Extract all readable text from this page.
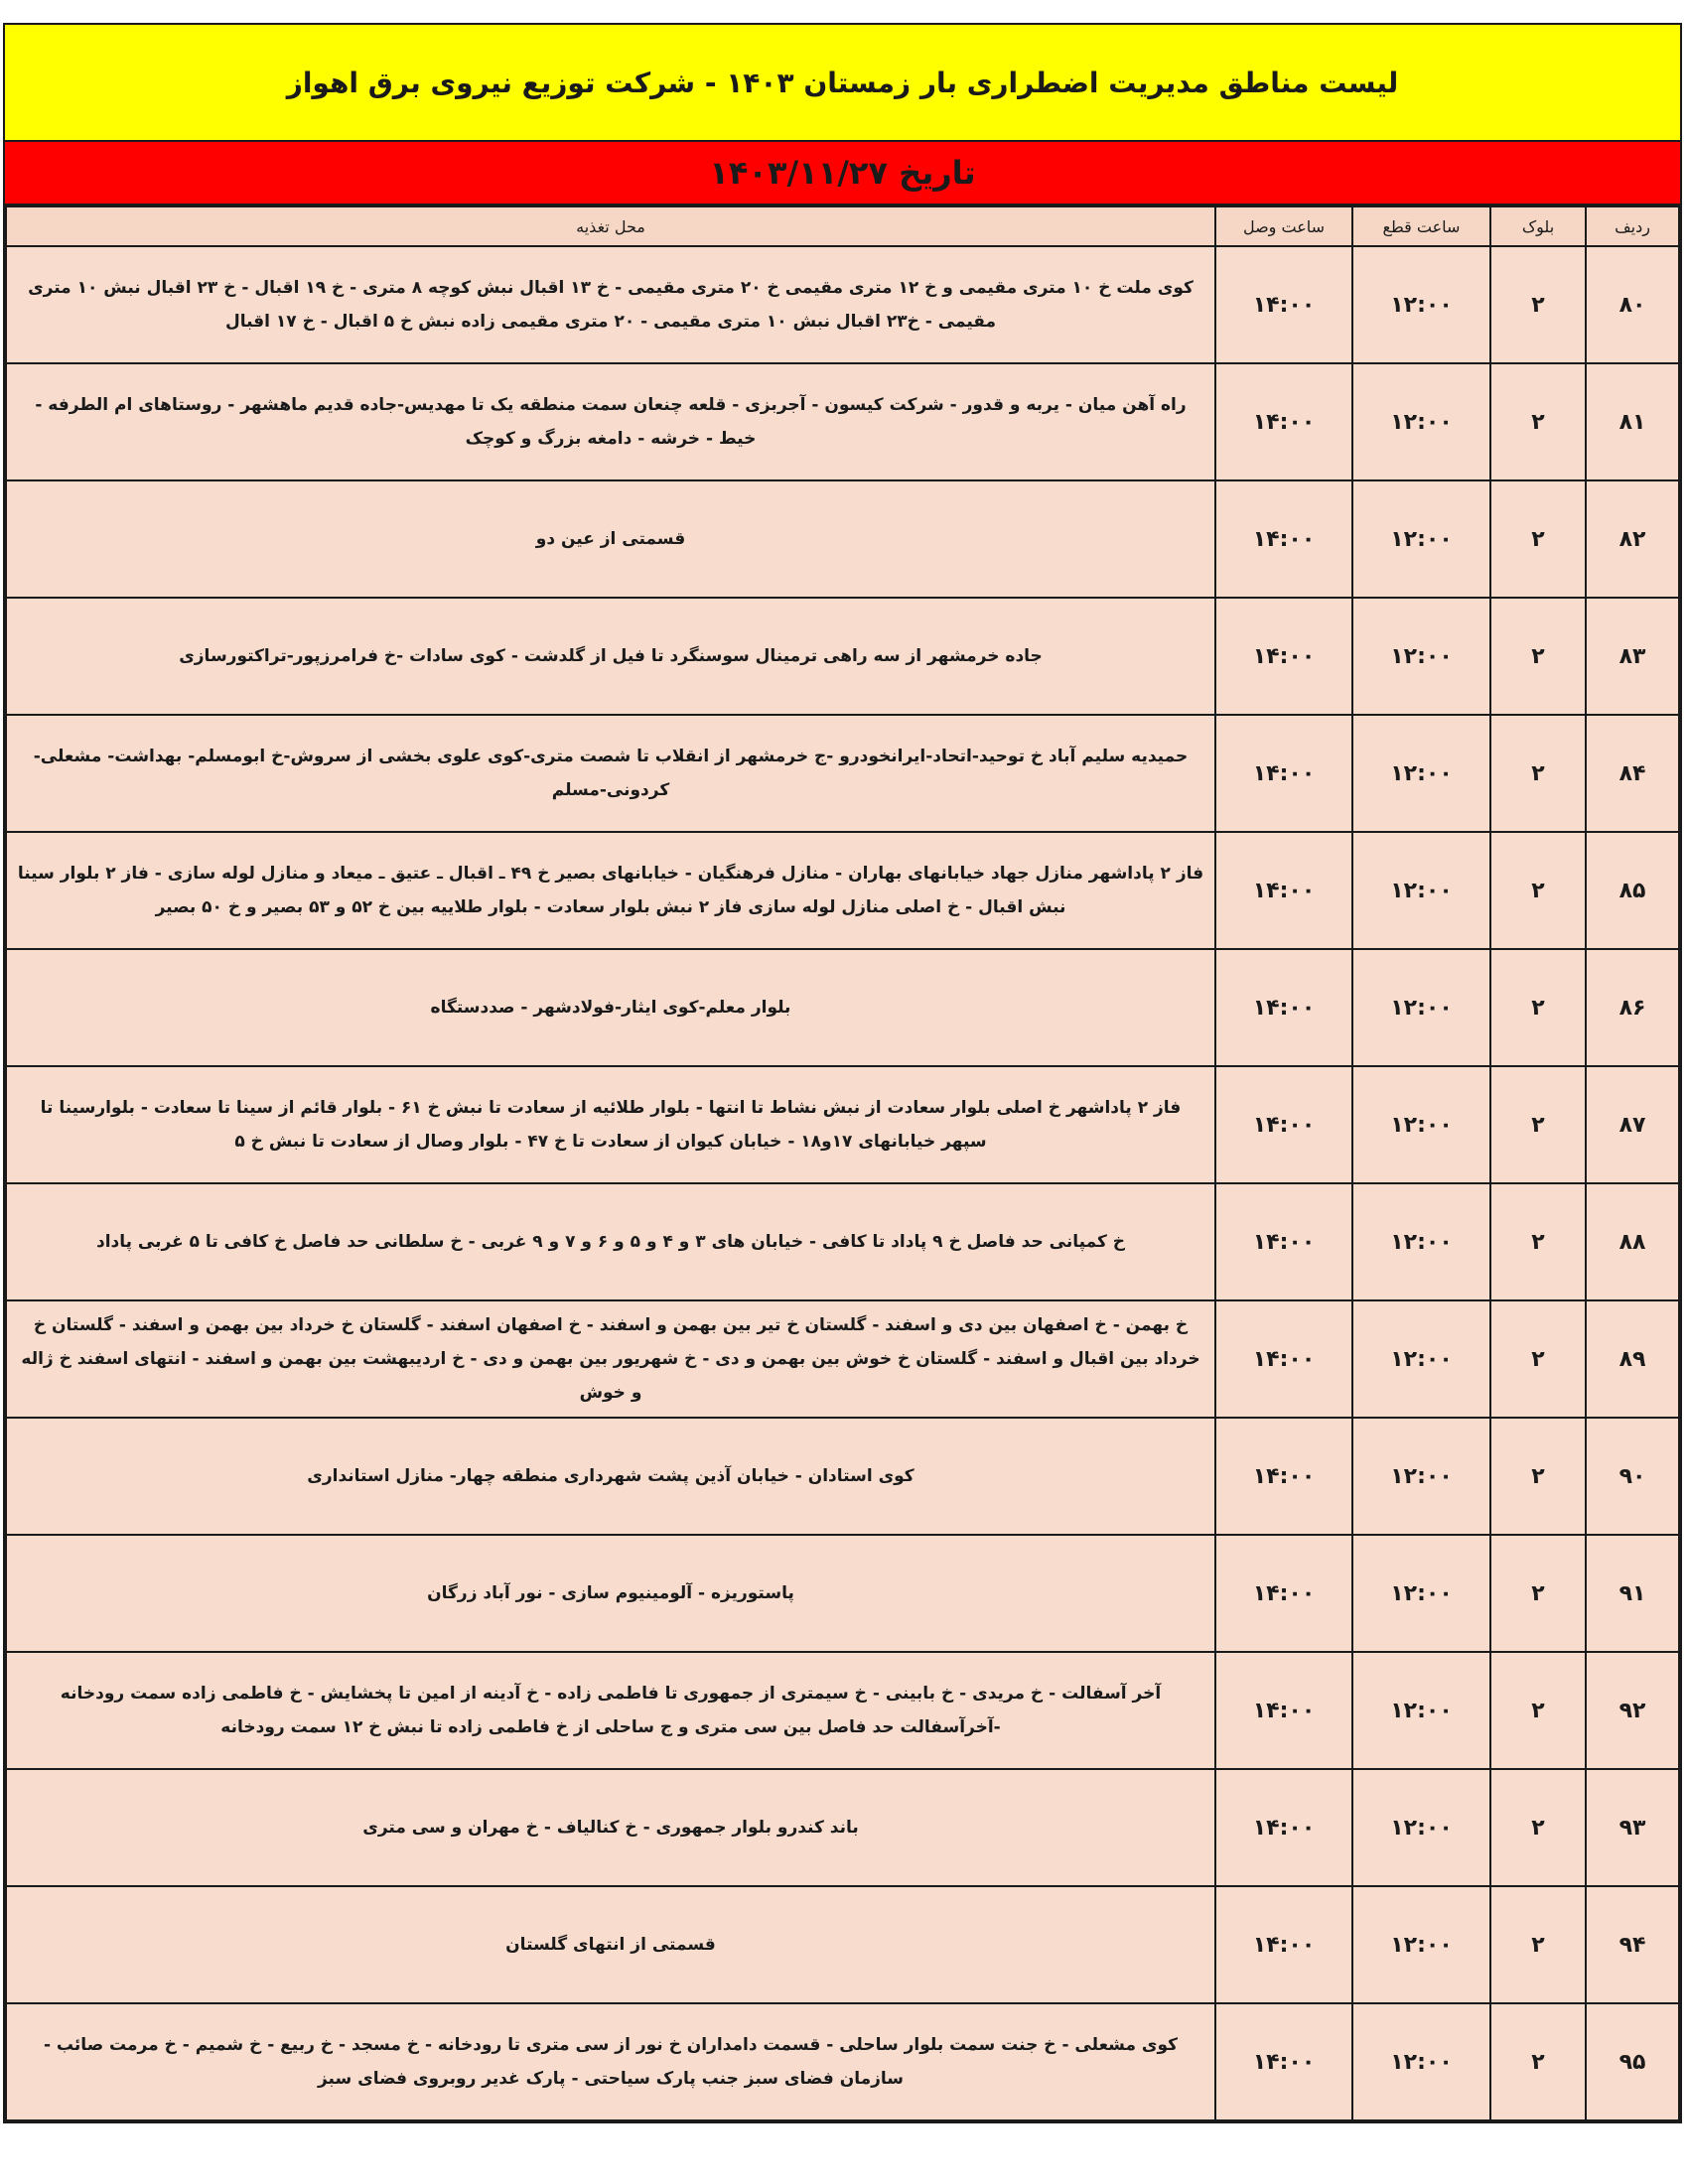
لیست مناطق مدیریت اضطراری بار زمستان ۱۴۰۳ - شرکت توزیع نیروی برق اهواز
تاریخ ۱۴۰۳/۱۱/۲۷
ردیف	بلوک	ساعت قطع	ساعت وصل	محل تغذیه
۸۰	۲	۱۲:۰۰	۱۴:۰۰	کوی ملت خ ۱۰ متری مقیمی و خ ۱۲ متری مقیمی خ ۲۰ متری مقیمی - خ ۱۳ اقبال نبش کوچه ۸ متری - خ ۱۹ اقبال - خ ۲۳ اقبال نبش ۱۰ متری مقیمی - خ۲۳ اقبال نبش ۱۰ متری مقیمی - ۲۰ متری مقیمی زاده نبش خ ۵ اقبال - خ ۱۷ اقبال
۸۱	۲	۱۲:۰۰	۱۴:۰۰	راه آهن میان - یربه و قدور - شرکت کیسون - آجربزی - قلعه چنعان سمت منطقه یک تا مهدیس-جاده قدیم ماهشهر - روستاهای ام الطرفه - خیط - خرشه - دامغه بزرگ و کوچک
۸۲	۲	۱۲:۰۰	۱۴:۰۰	قسمتی از عین دو
۸۳	۲	۱۲:۰۰	۱۴:۰۰	جاده خرمشهر از سه راهی ترمینال سوسنگرد تا فیل از گلدشت - کوی سادات -خ فرامرزپور-تراکتورسازی
۸۴	۲	۱۲:۰۰	۱۴:۰۰	حمیدیه سلیم آباد خ توحید-اتحاد-ایرانخودرو -ج خرمشهر از انقلاب تا شصت متری-کوی علوی بخشی از سروش-خ ابومسلم- بهداشت- مشعلی- کردونی-مسلم
۸۵	۲	۱۲:۰۰	۱۴:۰۰	فاز ۲ پاداشهر منازل جهاد خیابانهای بهاران - منازل فرهنگیان - خیابانهای بصیر خ ۴۹ ـ اقبال ـ عتیق ـ میعاد و منازل لوله سازی - فاز ۲ بلوار سینا نبش اقبال - خ اصلی منازل لوله سازی فاز ۲ نبش بلوار سعادت - بلوار طلاییه بین خ ۵۲ و ۵۳ بصیر و خ ۵۰ بصیر
۸۶	۲	۱۲:۰۰	۱۴:۰۰	بلوار معلم-کوی ایثار-فولادشهر - صددستگاه
۸۷	۲	۱۲:۰۰	۱۴:۰۰	فاز ۲ پاداشهر خ اصلی بلوار سعادت از نبش نشاط تا انتها - بلوار طلائیه از سعادت تا نبش خ ۶۱ - بلوار قائم از سینا تا سعادت - بلوارسینا تا سپهر خیابانهای ۱۷و۱۸ - خیابان کیوان از سعادت تا خ ۴۷ - بلوار وصال از سعادت تا نبش خ ۵
۸۸	۲	۱۲:۰۰	۱۴:۰۰	خ کمپانی حد فاصل خ ۹ پاداد تا کافی - خیابان های ۳ و ۴ و ۵ و ۶ و ۷ و ۹ غربی - خ سلطانی حد فاصل خ کافی تا ۵ غربی پاداد
۸۹	۲	۱۲:۰۰	۱۴:۰۰	خ بهمن - خ اصفهان بین دی و اسفند - گلستان خ تیر بین بهمن و اسفند - خ اصفهان اسفند - گلستان خ خرداد بین بهمن و اسفند - گلستان خ خرداد بین اقبال و اسفند - گلستان خ خوش بین بهمن و دی - خ شهریور بین بهمن و دی - خ اردیبهشت بین بهمن و اسفند - انتهای اسفند خ ژاله و خوش
۹۰	۲	۱۲:۰۰	۱۴:۰۰	کوی استادان - خیابان آذین پشت شهرداری منطقه چهار- منازل استانداری
۹۱	۲	۱۲:۰۰	۱۴:۰۰	پاستوریزه - آلومینیوم سازی - نور آباد زرگان
۹۲	۲	۱۲:۰۰	۱۴:۰۰	آخر آسفالت - خ مریدی - خ بابینی - خ سیمتری از جمهوری تا فاطمی زاده - خ آدینه از امین تا پخشایش - خ فاطمی زاده سمت رودخانه -آخرآسفالت حد فاصل بین سی متری و ج ساحلی از خ فاطمی زاده تا نبش خ ۱۲ سمت رودخانه
۹۳	۲	۱۲:۰۰	۱۴:۰۰	باند کندرو بلوار جمهوری - خ کنالیاف - خ مهران و سی متری
۹۴	۲	۱۲:۰۰	۱۴:۰۰	قسمتی از انتهای گلستان
۹۵	۲	۱۲:۰۰	۱۴:۰۰	کوی مشعلی - خ جنت سمت بلوار ساحلی - قسمت دامداران خ نور از سی متری تا رودخانه - خ مسجد - خ ربیع - خ شمیم - خ مرمت صائب - سازمان فضای سبز جنب پارک سیاحتی - پارک غدیر روبروی فضای سبز
